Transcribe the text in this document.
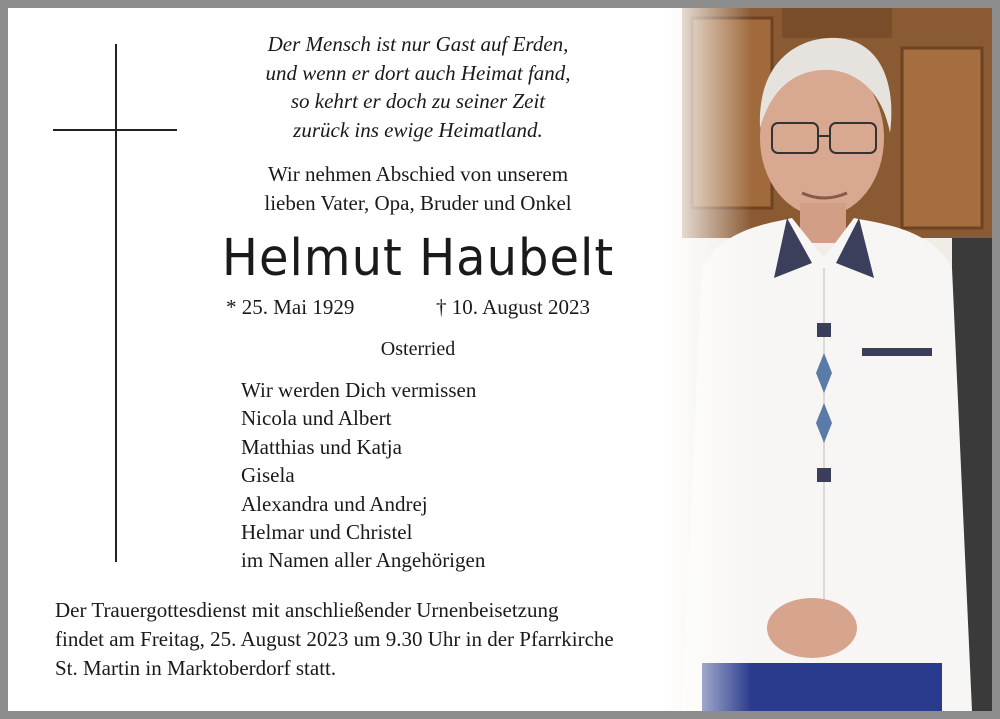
Der Mensch ist nur Gast auf Erden,
und wenn er dort auch Heimat fand,
so kehrt er doch zu seiner Zeit
zurück ins ewige Heimatland.
Wir nehmen Abschied von unserem
lieben Vater, Opa, Bruder und Onkel
Helmut Haubelt
* 25. Mai 1929	† 10. August 2023
Osterried
Wir werden Dich vermissen
Nicola und Albert
Matthias und Katja
Gisela
Alexandra und Andrej
Helmar und Christel
im Namen aller Angehörigen
Der Trauergottesdienst mit anschließender Urnenbeisetzung
findet am Freitag, 25. August 2023 um 9.30 Uhr in der Pfarrkirche
St. Martin in Marktoberdorf statt.
